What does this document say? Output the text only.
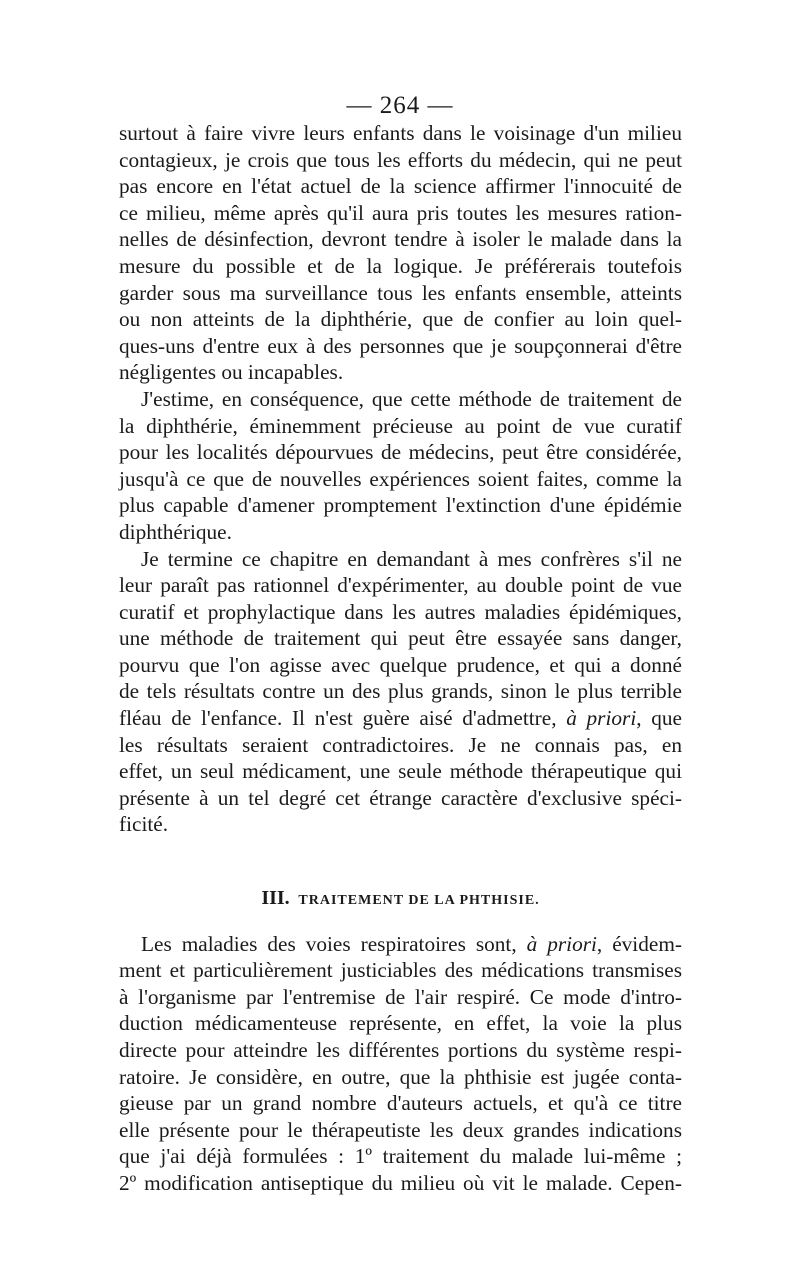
— 264 —

surtout à faire vivre leurs enfants dans le voisinage d'un milieu

contagieux, je crois que tous les efforts du médecin, qui ne peut

pas encore en l'état actuel de la science affirmer l'innocuité de

ce milieu, même après qu'il aura pris toutes les mesures ration-

nelles de désinfection, devront tendre à isoler le malade dans la

mesure du possible et de la logique. Je préférerais toutefois

garder sous ma surveillance tous les enfants ensemble, atteints

ou non atteints de la diphthérie, que de confier au loin quel-

ques-uns d'entre eux à des personnes que je soupçonnerai d'être

négligentes ou incapables.

J'estime, en conséquence, que cette méthode de traitement de

la diphthérie, éminemment précieuse au point de vue curatif

pour les localités dépourvues de médecins, peut être considérée,

jusqu'à ce que de nouvelles expériences soient faites, comme la

plus capable d'amener promptement l'extinction d'une épidémie

diphthérique.

Je termine ce chapitre en demandant à mes confrères s'il ne

leur paraît pas rationnel d'expérimenter, au double point de vue

curatif et prophylactique dans les autres maladies épidémiques,

une méthode de traitement qui peut être essayée sans danger,

pourvu que l'on agisse avec quelque prudence, et qui a donné

de tels résultats contre un des plus grands, sinon le plus terrible

fléau de l'enfance. Il n'est guère aisé d'admettre, à priori, que

les résultats seraient contradictoires. Je ne connais pas, en

effet, un seul médicament, une seule méthode thérapeutique qui

présente à un tel degré cet étrange caractère d'exclusive spéci-

ficité.

III. TRAITEMENT DE LA PHTHISIE.

Les maladies des voies respiratoires sont, à priori, évidem-

ment et particulièrement justiciables des médications transmises

à l'organisme par l'entremise de l'air respiré. Ce mode d'intro-

duction médicamenteuse représente, en effet, la voie la plus

directe pour atteindre les différentes portions du système respi-

ratoire. Je considère, en outre, que la phthisie est jugée conta-

gieuse par un grand nombre d'auteurs actuels, et qu'à ce titre

elle présente pour le thérapeutiste les deux grandes indications

que j'ai déjà formulées : 1º traitement du malade lui-même ;

2º modification antiseptique du milieu où vit le malade. Cepen-
